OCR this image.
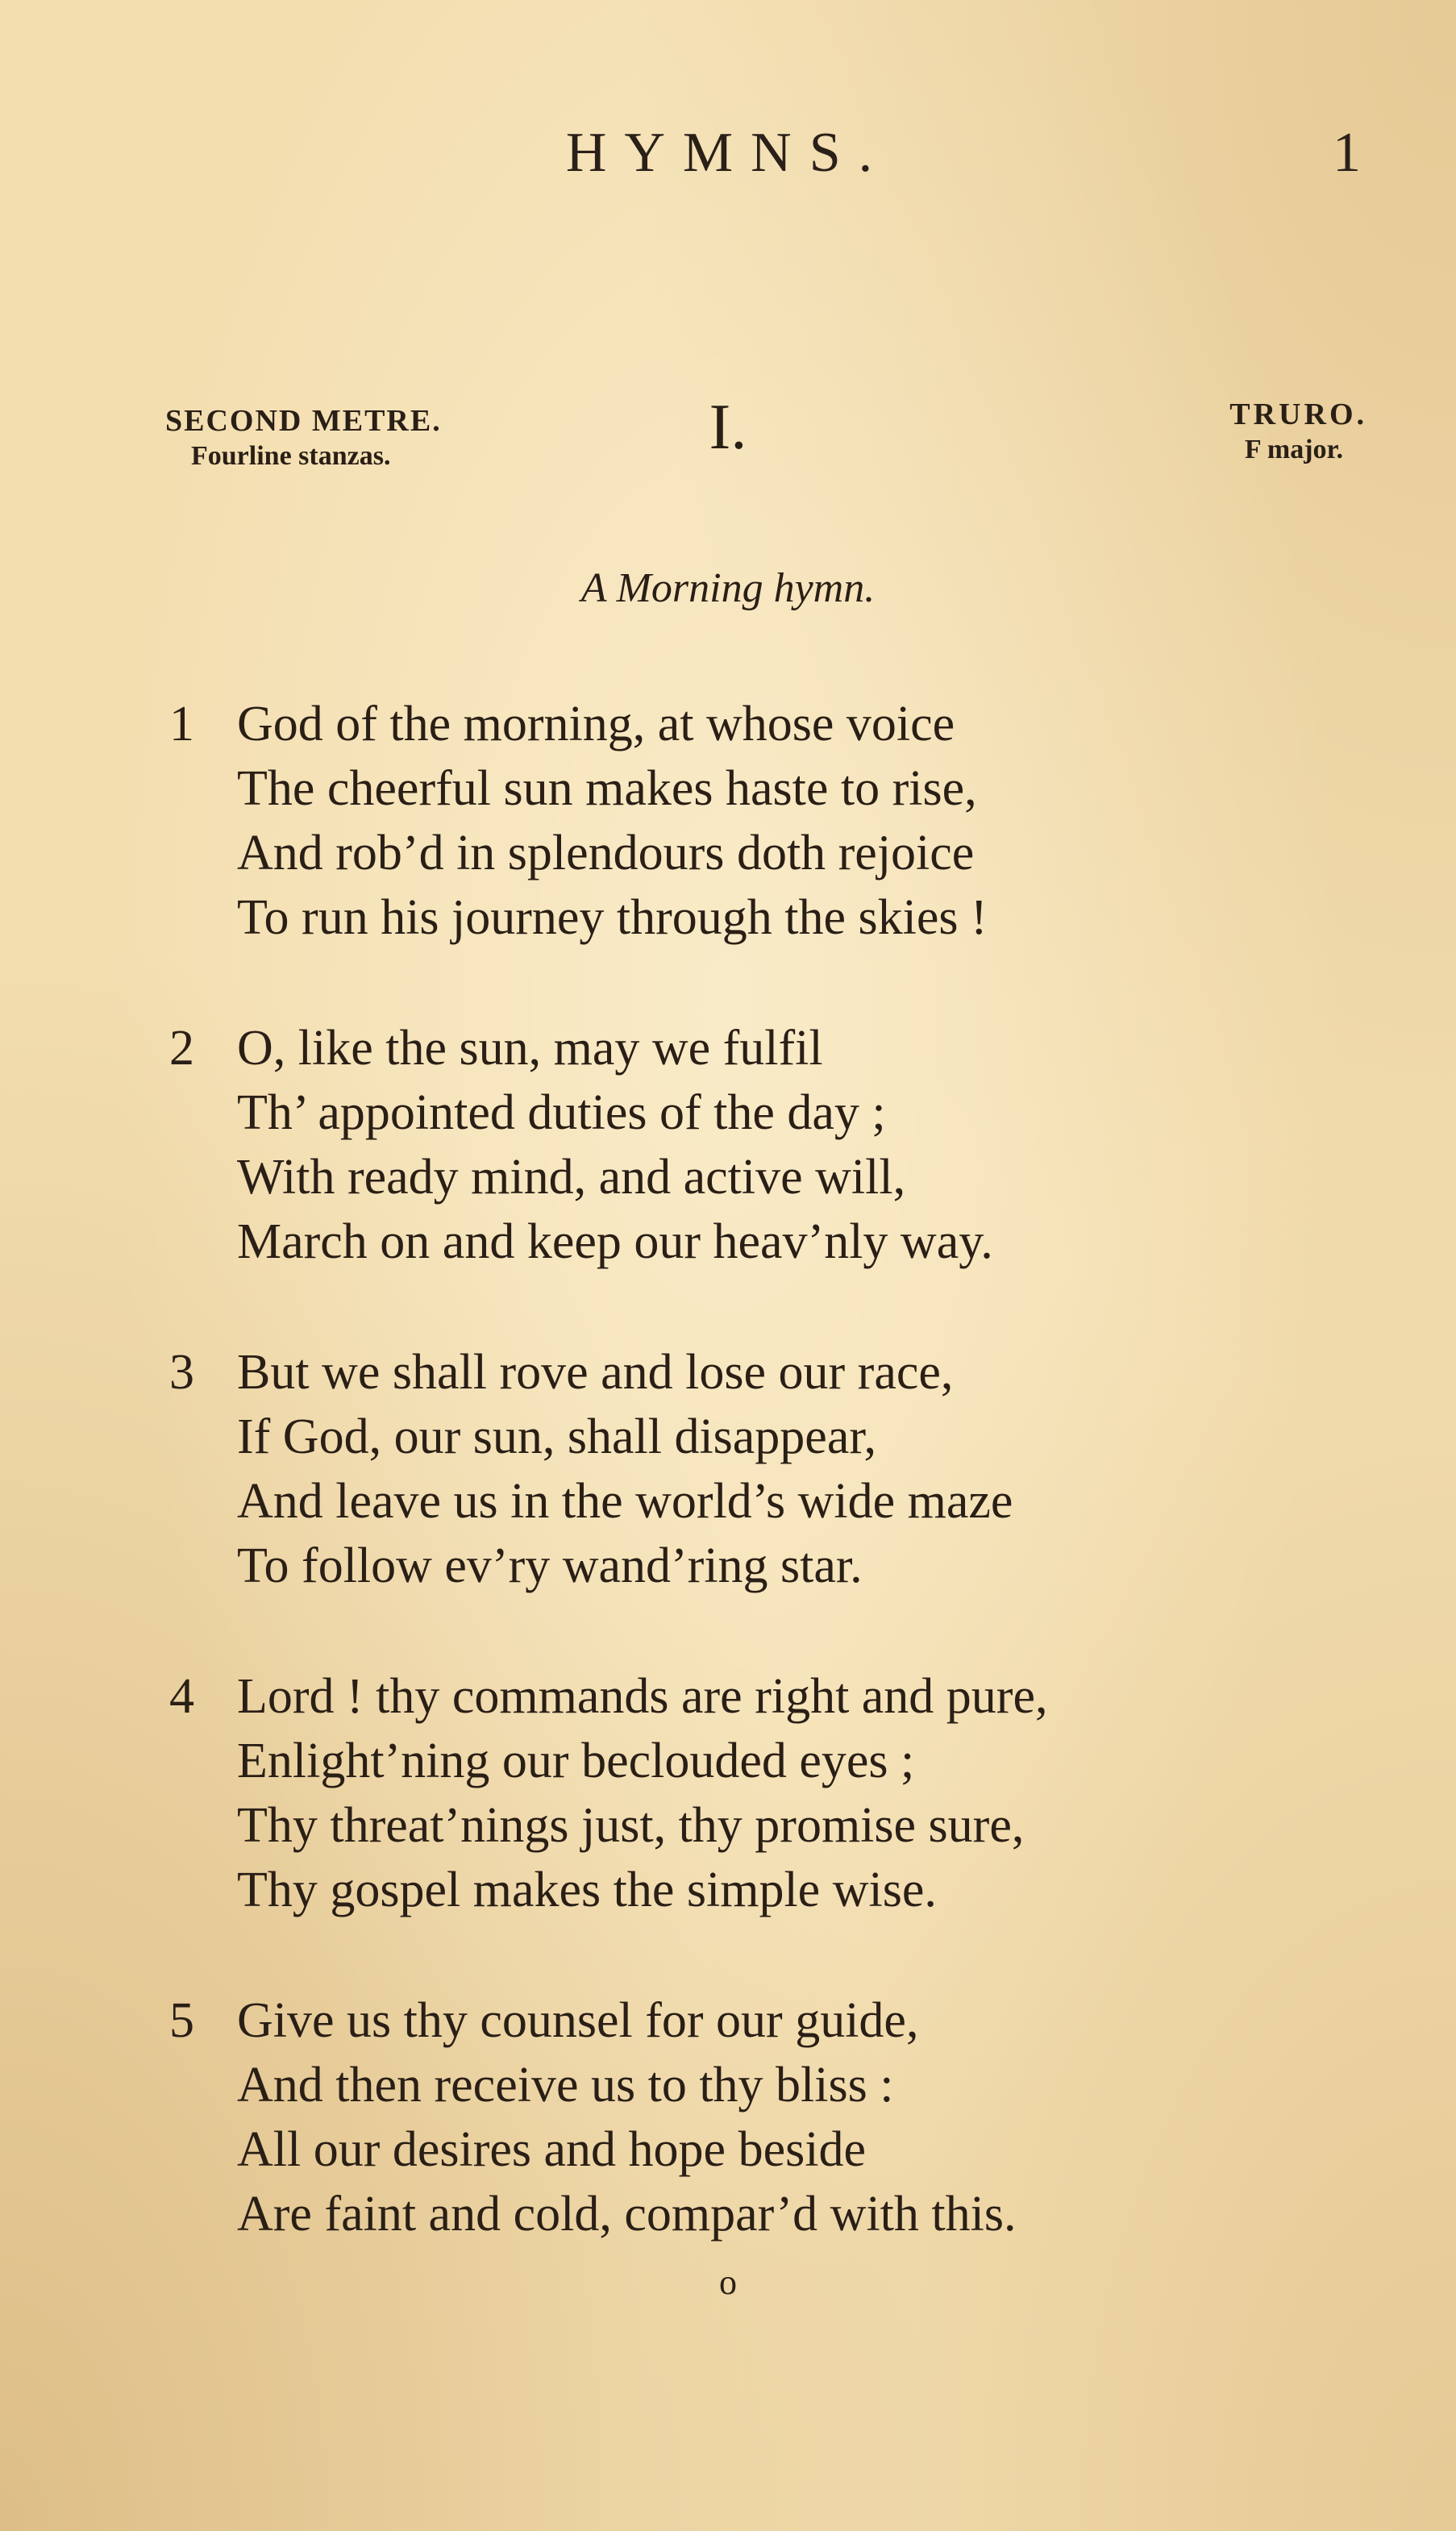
HYMNS.	1
SECOND METRE.
Fourline stanzas.	I.	TRURO.
F major.
A Morning hymn.
1 God of the morning, at whose voice
The cheerful sun makes haste to rise,
And rob’d in splendours doth rejoice
To run his journey through the skies !
2 O, like the sun, may we fulfil
Th’ appointed duties of the day ;
With ready mind, and active will,
March on and keep our heav’nly way.
3 But we shall rove and lose our race,
If God, our sun, shall disappear,
And leave us in the world’s wide maze
To follow ev’ry wand’ring star.
4 Lord ! thy commands are right and pure,
Enlight’ning our beclouded eyes ;
Thy threat’nings just, thy promise sure,
Thy gospel makes the simple wise.
5 Give us thy counsel for our guide,
And then receive us to thy bliss :
All our desires and hope beside
Are faint and cold, compar’d with this.
o
